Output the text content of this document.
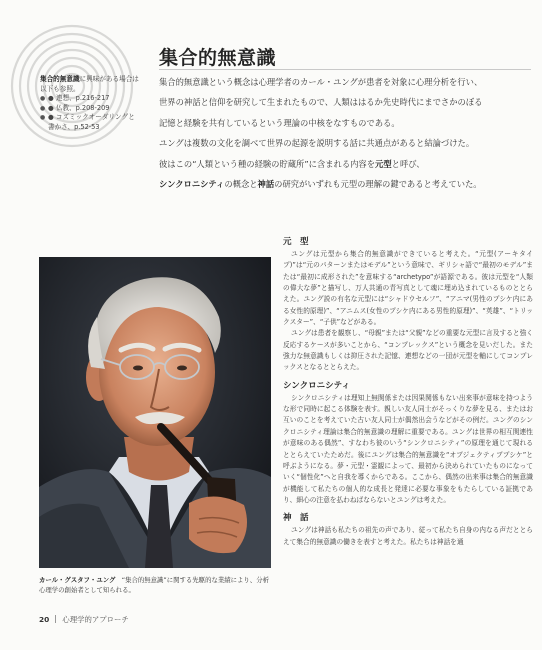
集合的無意識に興味がある場合は以下も参照。

● ● 連想、p.216-217
● ● 仏教、p.208-209
● ● コズミックオーダリングと書かさ、p.52-53
集合的無意識

集合的無意識という概念は心理学者のカール・ユングが患者を対象に心理分析を行い、

世界の神話と信仰を研究して生まれたもので、人類ははるか先史時代にまでさかのぼる

記憶と経験を共有しているという理論の中核をなすものである。

ユングは複数の文化を調べて世界の起源を説明する話に共通点があると結論づけた。

彼はこの“人類という種の経験の貯蔵所”に含まれる内容を元型と呼び、

シンクロニシティの概念と神話の研究がいずれも元型の理解の鍵であると考えていた。

カール・グスタフ・ユング　 “集合的無意識”に関する先駆的な業績により、分析心理学の創始者として知られる。

元　型

ユングは元型から集合的無意識ができていると考えた。“元型(アーキタイプ)”は“元のパターンまたはモデル”という意味で、ギリシャ語で“最初のモデル”または“最初に成形された”を意味する“archetypo”が語源である。彼は元型を“人類の偉大な夢”と描写し、万人共通の青写真として魂に埋め込まれているものととらえた。ユング説の有名な元型には“シャドウセルフ”、“アニマ(男性のプシケ内にある女性的原理)”、“アニムス(女性のプシケ内にある男性的原理)”、“英雄”、“トリックスター”、“子供”などがある。

ユングは患者を観察し、“母親”または“父親”などの重要な元型に言及すると強く反応するケースが多いことから、“コンプレックス”という概念を見いだした。また強力な無意識もしくは抑圧された記憶、連想などの一団が元型を軸にしてコンプレックスとなるととらえた。

シンクロニシティ

シンクロニシティは理知上無関係または因果関係もない出来事が意味を持つような形で同時に起こる体験を表す。親しい友人同士がそっくりな夢を見る、またはお互いのことを考えていた古い友人同士が偶然出会うなどがその例だ。ユングのシンクロニシティ理論は集合的無意識の理解に重要である。ユングは世界の相互関連性が意味のある偶然”、すなわち彼のいう“シンクロニシティ”の原理を通じて現れるととらえていたためだ。後にユングは集合的無意識を“オブジェクティブプシケ”と呼ぶようになる。夢・元型・霊観によって、最初から決められていたものになっていく“個性化”へと自我を導くからである。ここから、偶然の出来事は集合的無意識が機能して私たちの個人的な成長と発達に必要な事象をもたらしている証拠であり、細心の注意を払わねばならないとユングは考えた。

神　話

ユングは神話も私たちの祖先の声であり、従って私たち自身の内なる声だととらえて集合的無意識の働きを表すと考えた。私たちは神話を通

20 心理学的アプローチ
